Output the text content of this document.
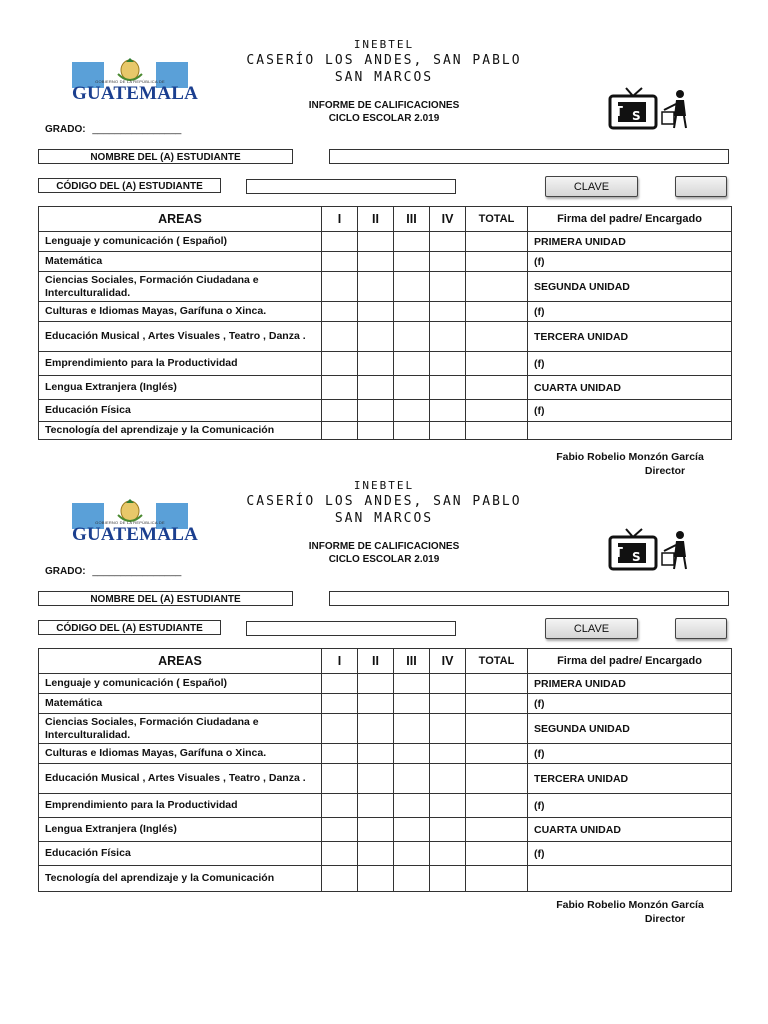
INEBTEL
CASERÍO LOS ANDES, SAN PABLO
SAN MARCOS
GOBIERNO DE LA REPÚBLICA DE
GUATEMALA
INFORME DE CALIFICACIONES
CICLO ESCOLAR 2.019	T S
GRADO: ________________
NOMBRE DEL (A) ESTUDIANTE
CÓDIGO DEL (A) ESTUDIANTE	CLAVE
AREAS	I	II	III	IV	TOTAL	Firma del padre/ Encargado
Lenguaje y comunicación ( Español)						PRIMERA UNIDAD
Matemática						(f)
Ciencias Sociales, Formación Ciudadana e Interculturalidad.						SEGUNDA UNIDAD
Culturas e Idiomas Mayas, Garífuna o Xinca.						(f)
Educación Musical , Artes Visuales , Teatro , Danza .						TERCERA UNIDAD
Emprendimiento para la Productividad						(f)
Lengua Extranjera (Inglés)						CUARTA UNIDAD
Educación Física						(f)
Tecnología del aprendizaje y la Comunicación						
Fabio Robelio Monzón García
Director
INEBTEL
CASERÍO LOS ANDES, SAN PABLO
SAN MARCOS
GOBIERNO DE LA REPÚBLICA DE
GUATEMALA
INFORME DE CALIFICACIONES
CICLO ESCOLAR 2.019	T S
GRADO: ________________
NOMBRE DEL (A) ESTUDIANTE
CÓDIGO DEL (A) ESTUDIANTE	CLAVE
AREAS	I	II	III	IV	TOTAL	Firma del padre/ Encargado
Lenguaje y comunicación ( Español)						PRIMERA UNIDAD
Matemática						(f)
Ciencias Sociales, Formación Ciudadana e Interculturalidad.						SEGUNDA UNIDAD
Culturas e Idiomas Mayas, Garífuna o Xinca.						(f)
Educación Musical , Artes Visuales , Teatro , Danza .						TERCERA UNIDAD
Emprendimiento para la Productividad						(f)
Lengua Extranjera (Inglés)						CUARTA UNIDAD
Educación Física						(f)
Tecnología del aprendizaje y la Comunicación						
Fabio Robelio Monzón García
Director
